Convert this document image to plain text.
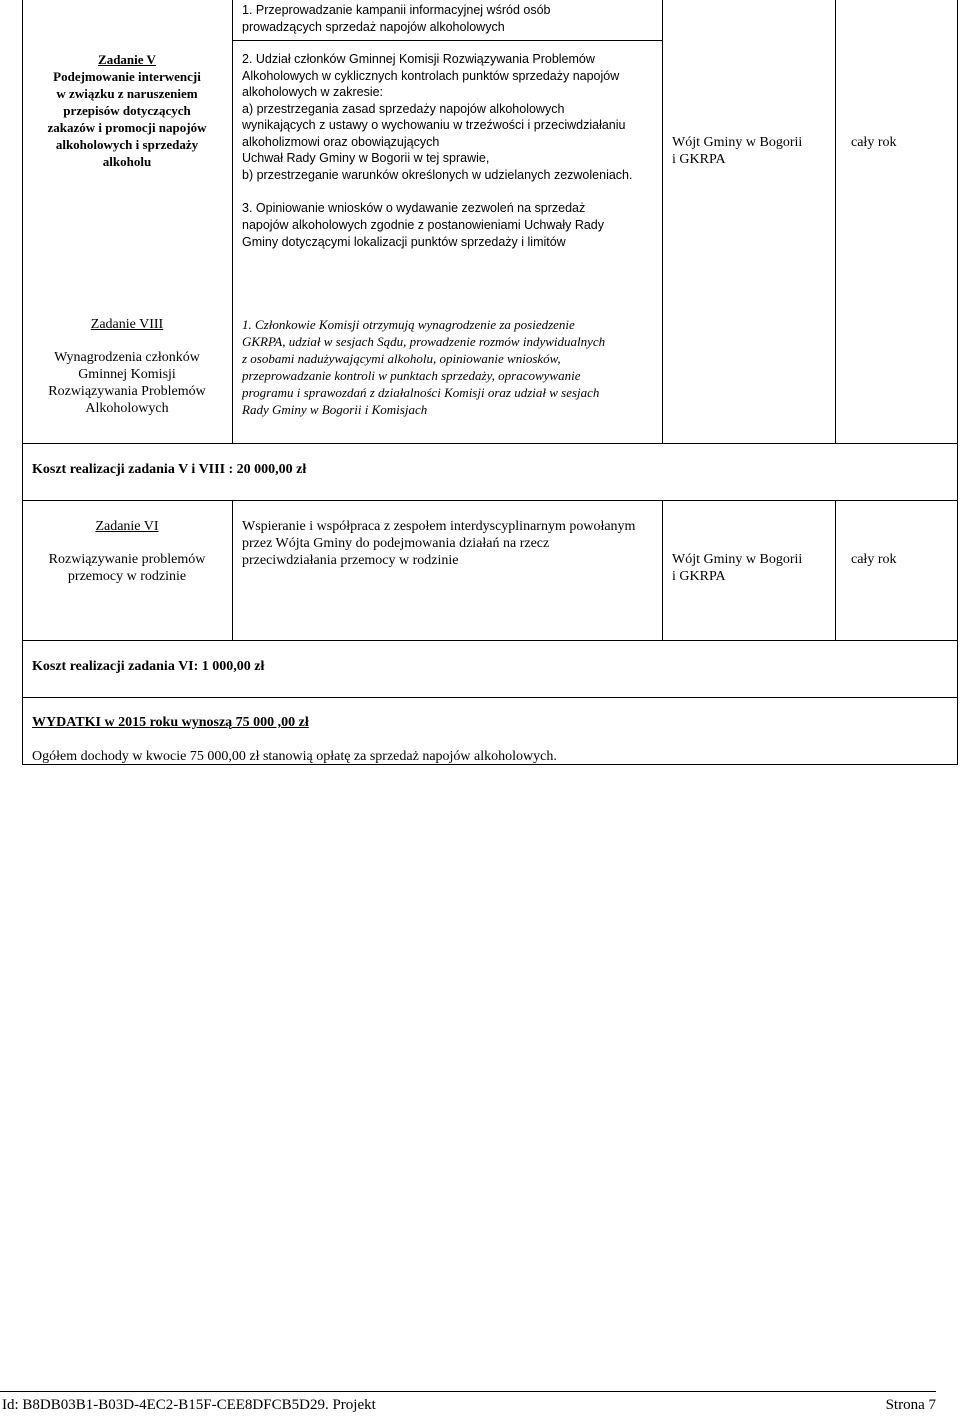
Zadanie V
Podejmowanie interwencji
w związku z naruszeniem
przepisów dotyczących
zakazów i promocji napojów
alkoholowych i sprzedaży
alkoholu
1. Przeprowadzanie kampanii informacyjnej wśród osób
prowadzących sprzedaż napojów alkoholowych
2. Udział członków Gminnej Komisji Rozwiązywania Problemów
Alkoholowych w cyklicznych kontrolach punktów sprzedaży napojów
alkoholowych w zakresie:
a) przestrzegania zasad sprzedaży napojów alkoholowych
wynikających z ustawy o wychowaniu w trzeźwości i przeciwdziałaniu
alkoholizmowi oraz obowiązujących
Uchwał Rady Gminy w Bogorii w tej sprawie,
b) przestrzeganie warunków określonych w udzielanych zezwoleniach.
3. Opiniowanie wniosków o wydawanie zezwoleń na sprzedaż
napojów alkoholowych zgodnie z postanowieniami Uchwały Rady
Gminy dotyczącymi lokalizacji punktów sprzedaży i limitów
Wójt Gminy w Bogorii
i GKRPA
cały rok
Zadanie VIII
Wynagrodzenia członków
Gminnej Komisji
Rozwiązywania Problemów
Alkoholowych
1. Członkowie Komisji otrzymują wynagrodzenie za posiedzenie
GKRPA, udział w sesjach Sądu, prowadzenie rozmów indywidualnych
z osobami nadużywającymi alkoholu, opiniowanie wniosków,
przeprowadzanie kontroli w punktach sprzedaży, opracowywanie
programu i sprawozdań z działalności Komisji oraz udział w sesjach
Rady Gminy w Bogorii i Komisjach
Koszt realizacji zadania V i VIII : 20 000,00 zł
Zadanie VI
Rozwiązywanie problemów
przemocy w rodzinie
Wspieranie i współpraca z zespołem interdyscyplinarnym powołanym
przez Wójta Gminy do podejmowania działań na rzecz
przeciwdziałania przemocy w rodzinie	Wójt Gminy w Bogorii
i GKRPA
cały rok
Koszt realizacji zadania VI: 1 000,00 zł
WYDATKI w 2015 roku wynoszą 75 000 ,00 zł
Ogółem dochody w kwocie 75 000,00 zł stanowią opłatę za sprzedaż napojów alkoholowych.
Id: B8DB03B1-B03D-4EC2-B15F-CEE8DFCB5D29. Projekt	Strona 7
